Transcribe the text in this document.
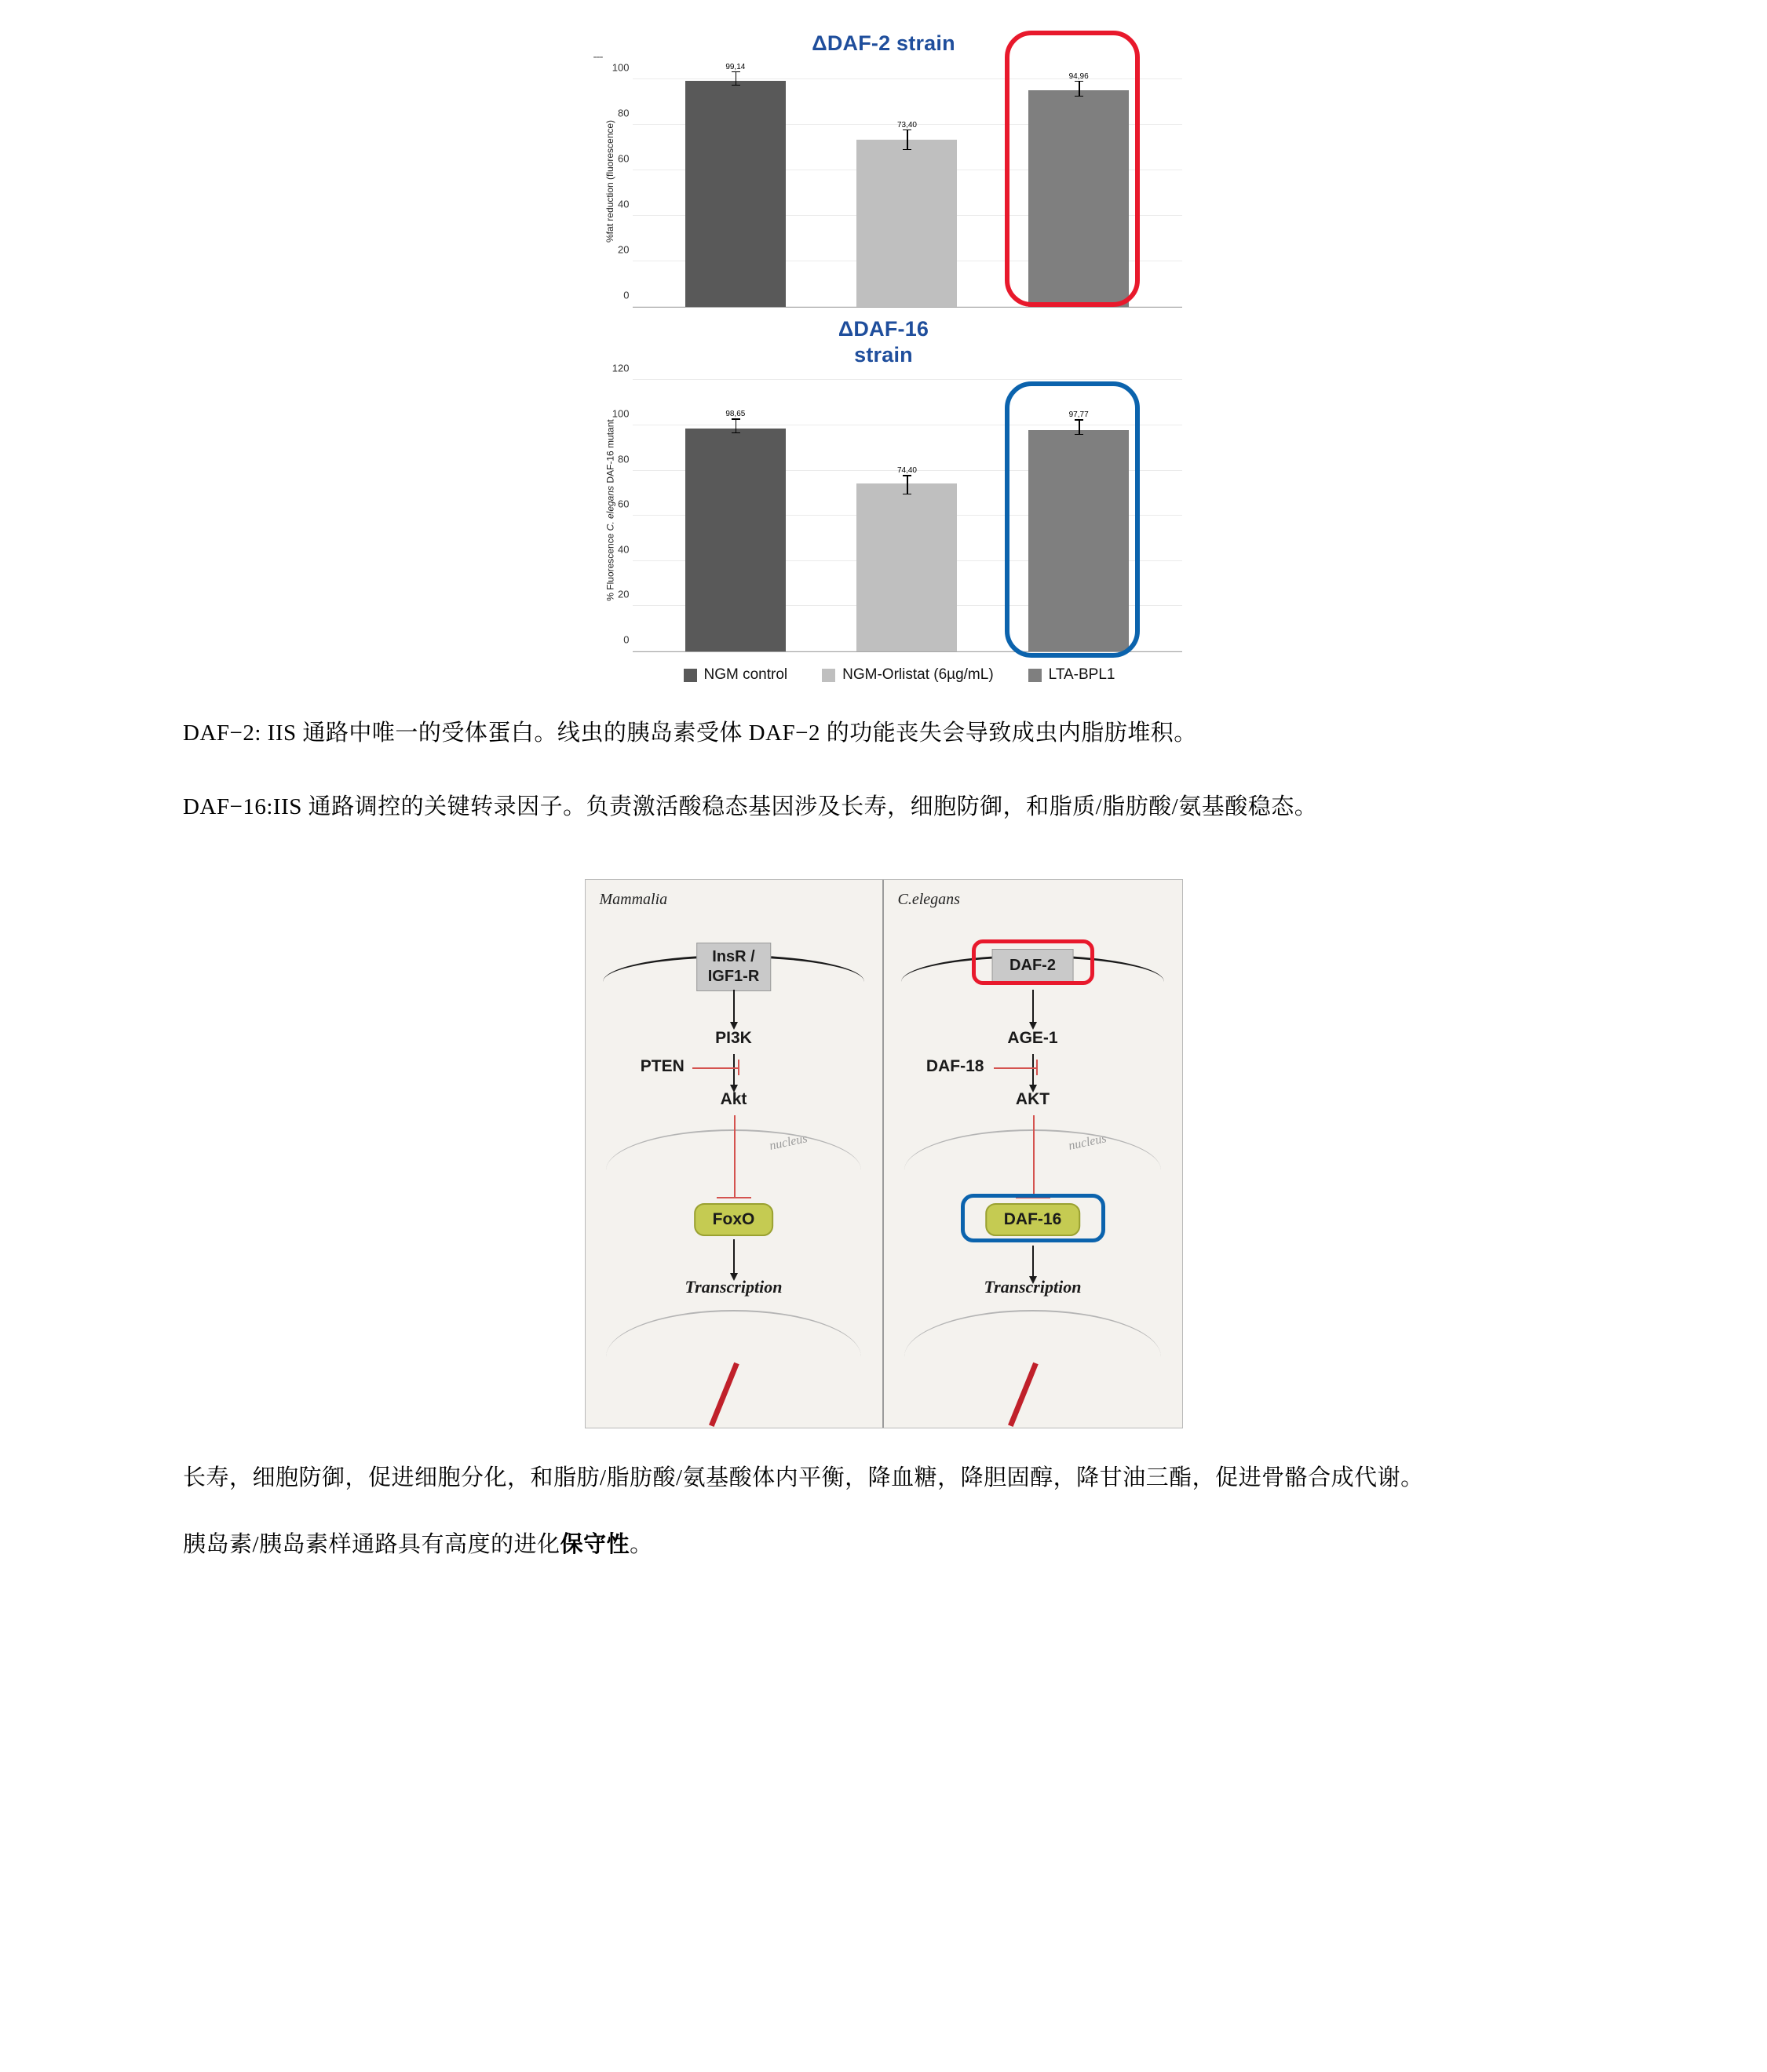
---
ΔDAF-2 strain
%fat reduction (fluorescence)
0
20
40
60
80
100	99,14
73,40
94,96
ΔDAF-16
strain
% Fluorescence C. elegans DAF-16 mutant
0
20
40
60
80
100
120
98,65
74,40
97,77
NGM control	NGM-Orlistat (6µg/mL)	LTA-BPL1

DAF−2: IIS 通路中唯一的受体蛋白。线虫的胰岛素受体 DAF−2 的功能丧失会导致成虫内脂肪堆积。

DAF−16:IIS 通路调控的关键转录因子。负责激活酸稳态基因涉及长寿，细胞防御，和脂质/脂肪酸/氨基酸稳态。

Mammalia
InsR /
IGF1-R
PI3K
PTEN
Akt
nucleus
FoxO
Transcription
C.elegans
DAF-2
AGE-1
DAF-18
AKT
nucleus
DAF-16
Transcription

长寿，细胞防御，促进细胞分化，和脂肪/脂肪酸/氨基酸体内平衡，降血糖，降胆固醇，降甘油三酯，促进骨骼合成代谢。

胰岛素/胰岛素样通路具有高度的进化保守性。
